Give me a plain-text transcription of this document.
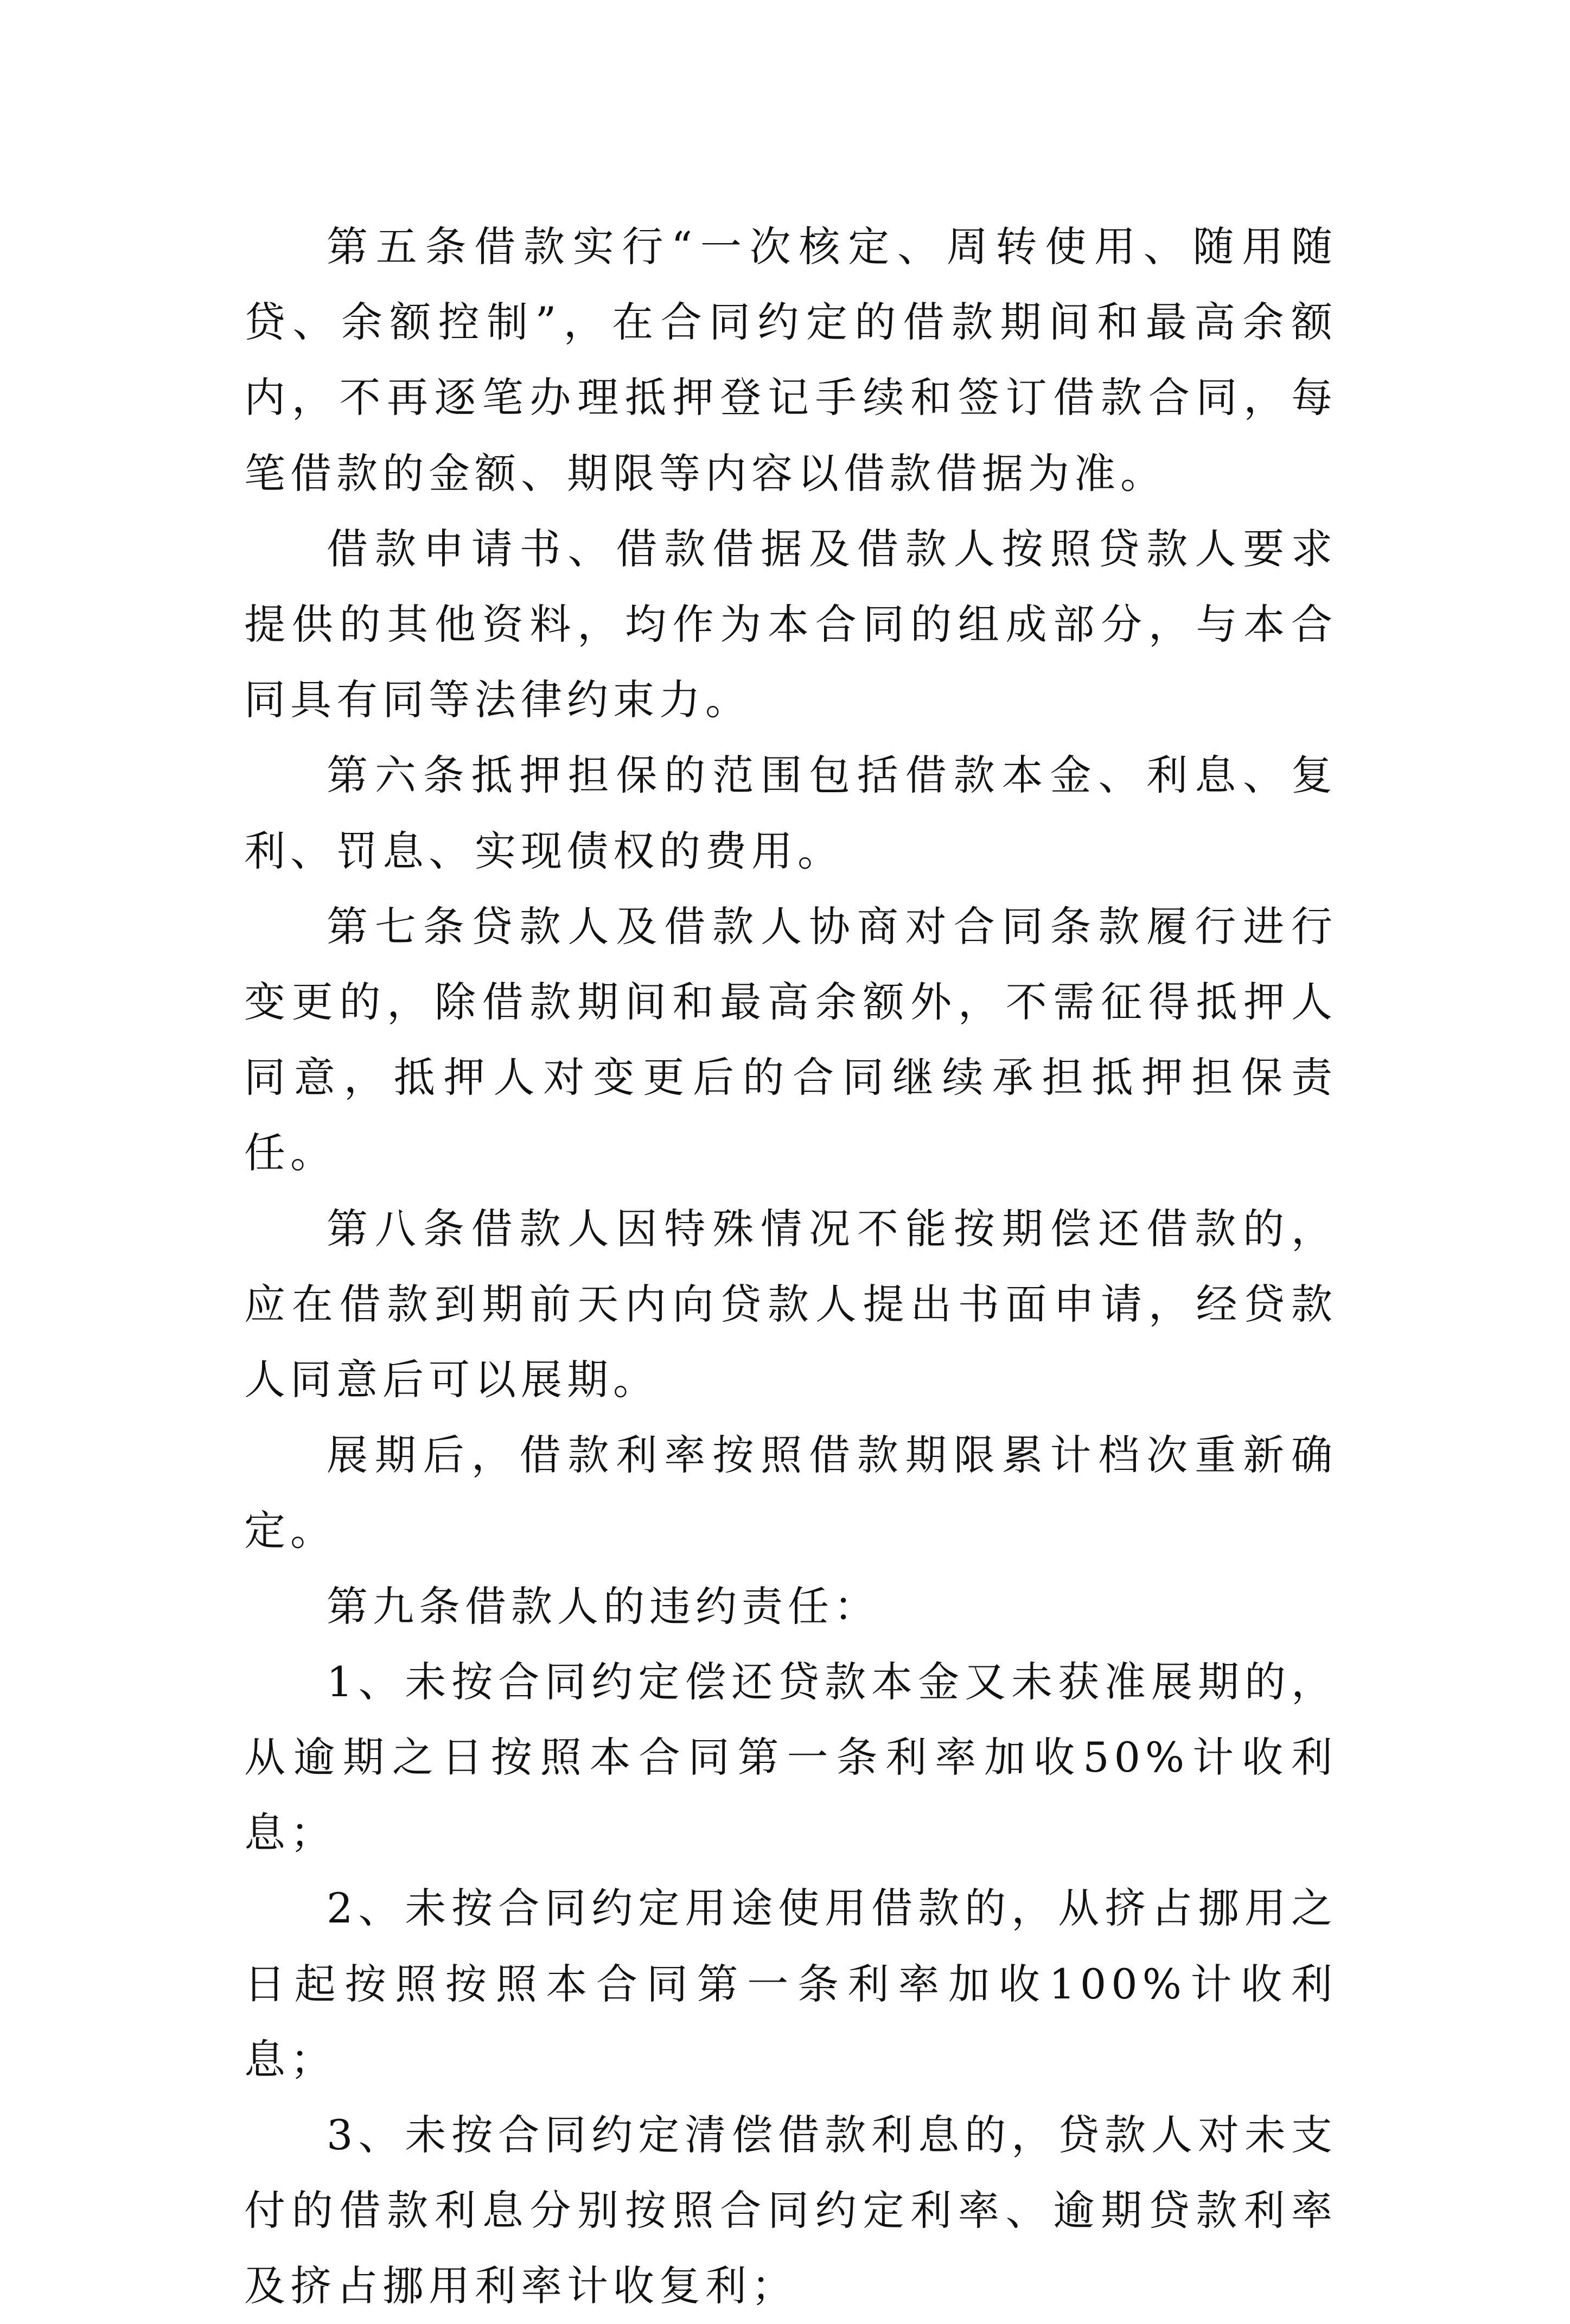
第五条借款实行“一次核定、周转使用、随用随贷、余额控制”，在合同约定的借款期间和最高余额内，不再逐笔办理抵押登记手续和签订借款合同，每笔借款的金额、期限等内容以借款借据为准。

借款申请书、借款借据及借款人按照贷款人要求提供的其他资料，均作为本合同的组成部分，与本合同具有同等法律约束力。

第六条抵押担保的范围包括借款本金、利息、复利、罚息、实现债权的费用。

第七条贷款人及借款人协商对合同条款履行进行变更的，除借款期间和最高余额外，不需征得抵押人同意，抵押人对变更后的合同继续承担抵押担保责任。

第八条借款人因特殊情况不能按期偿还借款的，应在借款到期前天内向贷款人提出书面申请，经贷款人同意后可以展期。

展期后，借款利率按照借款期限累计档次重新确定。

第九条借款人的违约责任：

1、未按合同约定偿还贷款本金又未获准展期的，从逾期之日按照本合同第一条利率加收50%计收利息；

2、未按合同约定用途使用借款的，从挤占挪用之日起按照按照本合同第一条利率加收100%计收利息；

3、未按合同约定清偿借款利息的，贷款人对未支付的借款利息分别按照合同约定利率、逾期贷款利率及挤占挪用利率计收复利；
